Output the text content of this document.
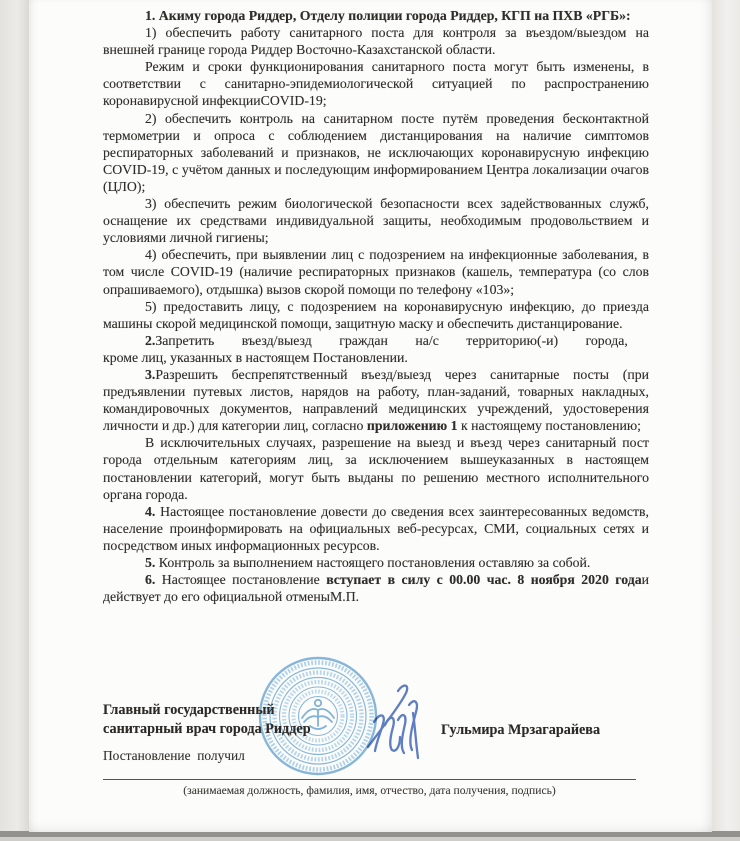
1. Акиму города Риддер, Отделу полиции города Риддер, КГП на ПХВ «РГБ»:

1) обеспечить работу санитарного поста для контроля за въездом/выездом на внешней границе города Риддер Восточно-Казахстанской области.

Режим и сроки функционирования санитарного поста могут быть изменены, в соответствии с санитарно-эпидемиологической ситуацией по распространению коронавирусной инфекцииCOVID-19;

2) обеспечить контроль на санитарном посте путём проведения бесконтактной термометрии и опроса с соблюдением дистанцирования на наличие симптомов респираторных заболеваний и признаков, не исключающих коронавирусную инфекцию COVID-19, с учётом данных и последующим информированием Центра локализации очагов (ЦЛО);

3) обеспечить режим биологической безопасности всех задействованных служб, оснащение их средствами индивидуальной защиты, необходимым продовольствием и условиями личной гигиены;

4) обеспечить, при выявлении лиц с подозрением на инфекционные заболевания, в том числе COVID-19 (наличие респираторных признаков (кашель, температура (со слов опрашиваемого), отдышка) вызов скорой помощи по телефону «103»;

5) предоставить лицу, с подозрением на коронавирусную инфекцию, до приезда машины скорой медицинской помощи, защитную маску и обеспечить дистанцирование.

2.Запретить въезд/выезд граждан на/с территорию(-и) города,
кроме лиц, указанных в настоящем Постановлении.

3.Разрешить беспрепятственный въезд/выезд через санитарные посты (при предъявлении путевых листов, нарядов на работу, план-заданий, товарных накладных, командировочных документов, направлений медицинских учреждений, удостоверения личности и др.) для категории лиц, согласно приложению 1 к настоящему постановлению;

В исключительных случаях, разрешение на выезд и въезд через санитарный пост города отдельным категориям лиц, за исключением вышеуказанных в настоящем постановлении категорий, могут быть выданы по решению местного исполнительного органа города.

4. Настоящее постановление довести до сведения всех заинтересованных ведомств, население проинформировать на официальных веб-ресурсах, СМИ, социальных сетях и посредством иных информационных ресурсов.

5. Контроль за выполнением настоящего постановления оставляю за собой.

6. Настоящее постановление вступает в силу с 00.00 час. 8 ноября 2020 годаи действует до его официальной отменыМ.П.

Главный государственный
санитарный врач города Риддер	Гульмира Мрзагарайева
Постановление  получил
(занимаемая должность, фамилия, имя, отчество, дата получения, подпись)
